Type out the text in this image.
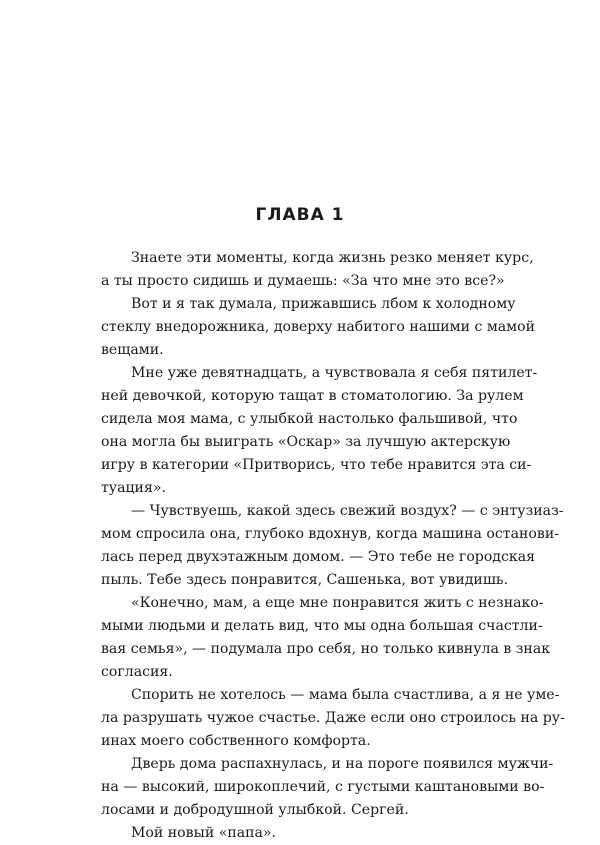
ГЛАВА 1
Знаете эти моменты, когда жизнь резко меняет курс,
а ты просто сидишь и думаешь: «За что мне это все?»
Вот и я так думала, прижавшись лбом к холодному
стеклу внедорожника, доверху набитого нашими с мамой
вещами.
Мне уже девятнадцать, а чувствовала я себя пятилет-
ней девочкой, которую тащат в стоматологию. За рулем
сидела моя мама, с улыбкой настолько фальшивой, что
она могла бы выиграть «Оскар» за лучшую актерскую
игру в категории «Притворись, что тебе нравится эта си-
туация».
— Чувствуешь, какой здесь свежий воздух? — с энтузиаз-
мом спросила она, глубоко вдохнув, когда машина останови-
лась перед двухэтажным домом. — Это тебе не городская
пыль. Тебе здесь понравится, Сашенька, вот увидишь.
«Конечно, мам, а еще мне понравится жить с незнако-
мыми людьми и делать вид, что мы одна большая счастли-
вая семья», — подумала про себя, но только кивнула в знак
согласия.
Спорить не хотелось — мама была счастлива, а я не уме-
ла разрушать чужое счастье. Даже если оно строилось на ру-
инах моего собственного комфорта.
Дверь дома распахнулась, и на пороге появился мужчи-
на — высокий, широкоплечий, с густыми каштановыми во-
лосами и добродушной улыбкой. Сергей.
Мой новый «папа».
